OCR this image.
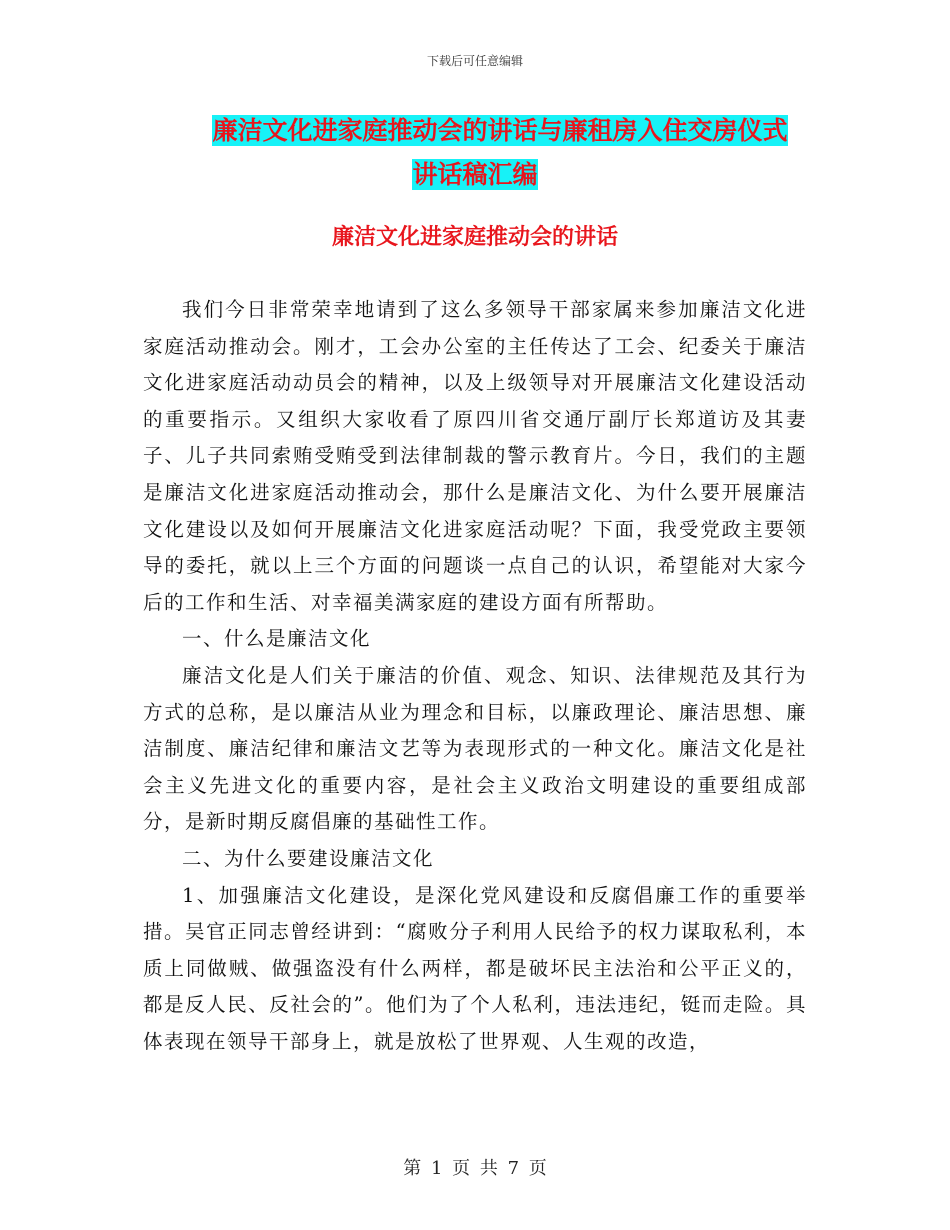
下载后可任意编辑
廉洁文化进家庭推动会的讲话与廉租房入住交房仪式
讲话稿汇编
廉洁文化进家庭推动会的讲话

我们今日非常荣幸地请到了这么多领导干部家属来参加廉洁文化进家庭活动推动会。刚才，工会办公室的主任传达了工会、纪委关于廉洁文化进家庭活动动员会的精神，以及上级领导对开展廉洁文化建设活动的重要指示。又组织大家收看了原四川省交通厅副厅长郑道访及其妻子、儿子共同索贿受贿受到法律制裁的警示教育片。今日，我们的主题是廉洁文化进家庭活动推动会，那什么是廉洁文化、为什么要开展廉洁文化建设以及如何开展廉洁文化进家庭活动呢？下面，我受党政主要领导的委托，就以上三个方面的问题谈一点自己的认识，希望能对大家今后的工作和生活、对幸福美满家庭的建设方面有所帮助。

一、什么是廉洁文化

廉洁文化是人们关于廉洁的价值、观念、知识、法律规范及其行为方式的总称，是以廉洁从业为理念和目标，以廉政理论、廉洁思想、廉洁制度、廉洁纪律和廉洁文艺等为表现形式的一种文化。廉洁文化是社会主义先进文化的重要内容，是社会主义政治文明建设的重要组成部分，是新时期反腐倡廉的基础性工作。

二、为什么要建设廉洁文化

1、加强廉洁文化建设，是深化党风建设和反腐倡廉工作的重要举措。吴官正同志曾经讲到：“腐败分子利用人民给予的权力谋取私利，本质上同做贼、做强盗没有什么两样，都是破坏民主法治和公平正义的，都是反人民、反社会的”。他们为了个人私利，违法违纪，铤而走险。具体表现在领导干部身上，就是放松了世界观、人生观的改造，

第 1 页 共 7 页
